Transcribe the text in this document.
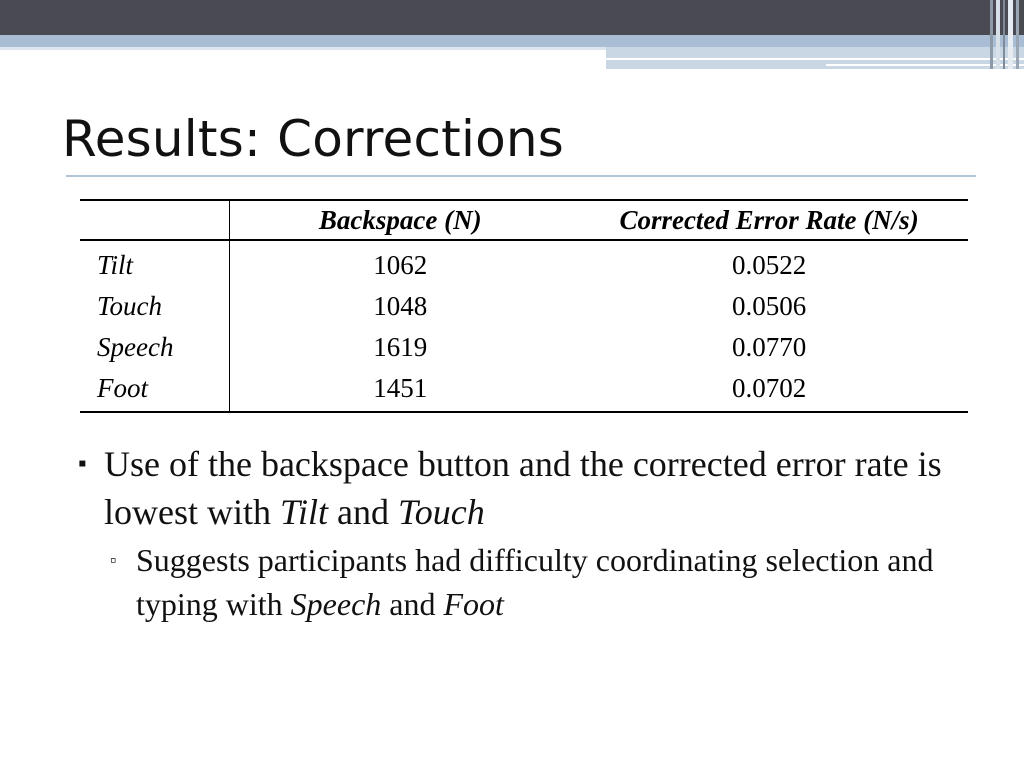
Results: Corrections
	Backspace (N)	Corrected Error Rate (N/s)
Tilt	1062	0.0522
Touch	1048	0.0506
Speech	1619	0.0770
Foot	1451	0.0702
▪ Use of the backspace button and the corrected error rate is lowest with Tilt and Touch
▫ Suggests participants had difficulty coordinating selection and typing with Speech and Foot
